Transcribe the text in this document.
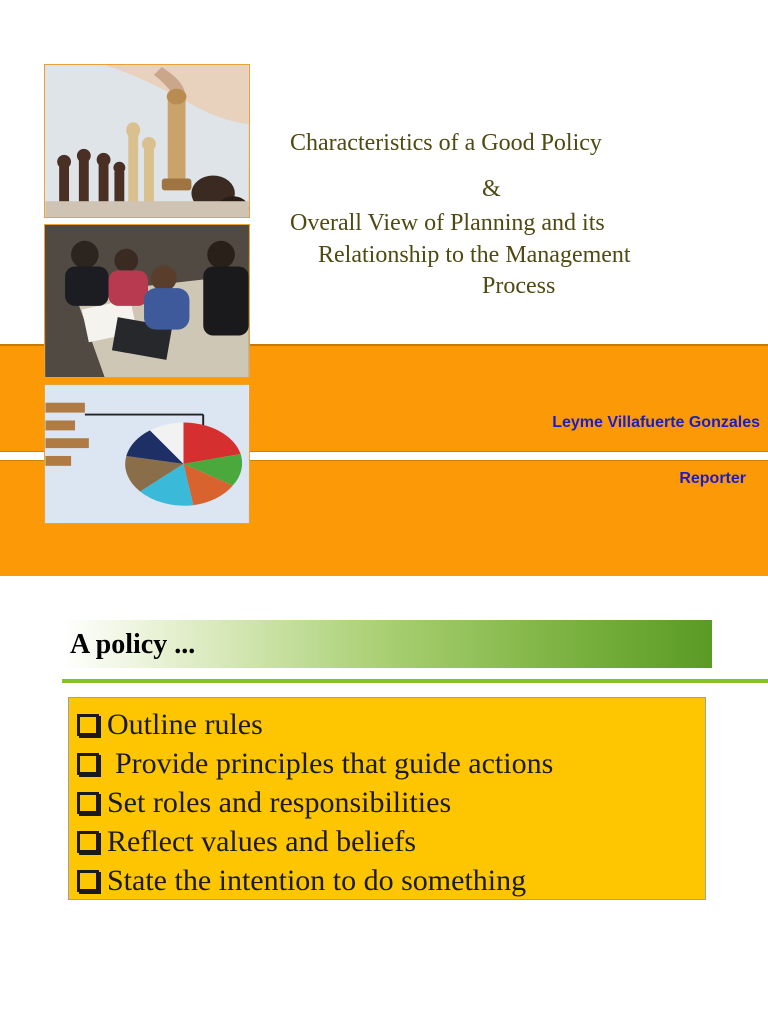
Characteristics of a Good Policy
&
Overall View of Planning and its
Relationship to the Management
Process
Leyme Villafuerte Gonzales
Reporter
A policy ...
Outline rules
Provide principles that guide actions
Set roles and responsibilities
Reflect values and beliefs
State the intention to do something
